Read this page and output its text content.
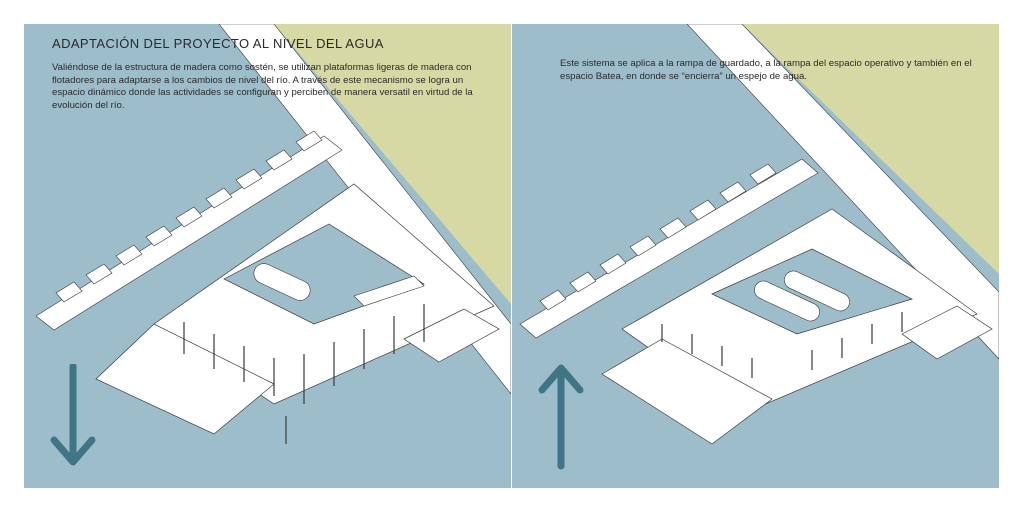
ADAPTACIÓN DEL PROYECTO AL NIVEL DEL AGUA

Valiéndose de la estructura de madera como sostén, se utilizan plataformas ligeras de madera con flotadores para adaptarse a los cambios de nivel del río. A través de este mecanismo se logra un espacio dinámico donde las actividades se configuran y perciben de manera versatil en virtud de la evolución del río.

Este sistema se aplica a la rampa de guardado, a la rampa del espacio operativo y también en el espacio Batea, en donde se “encierra” un espejo de agua.
